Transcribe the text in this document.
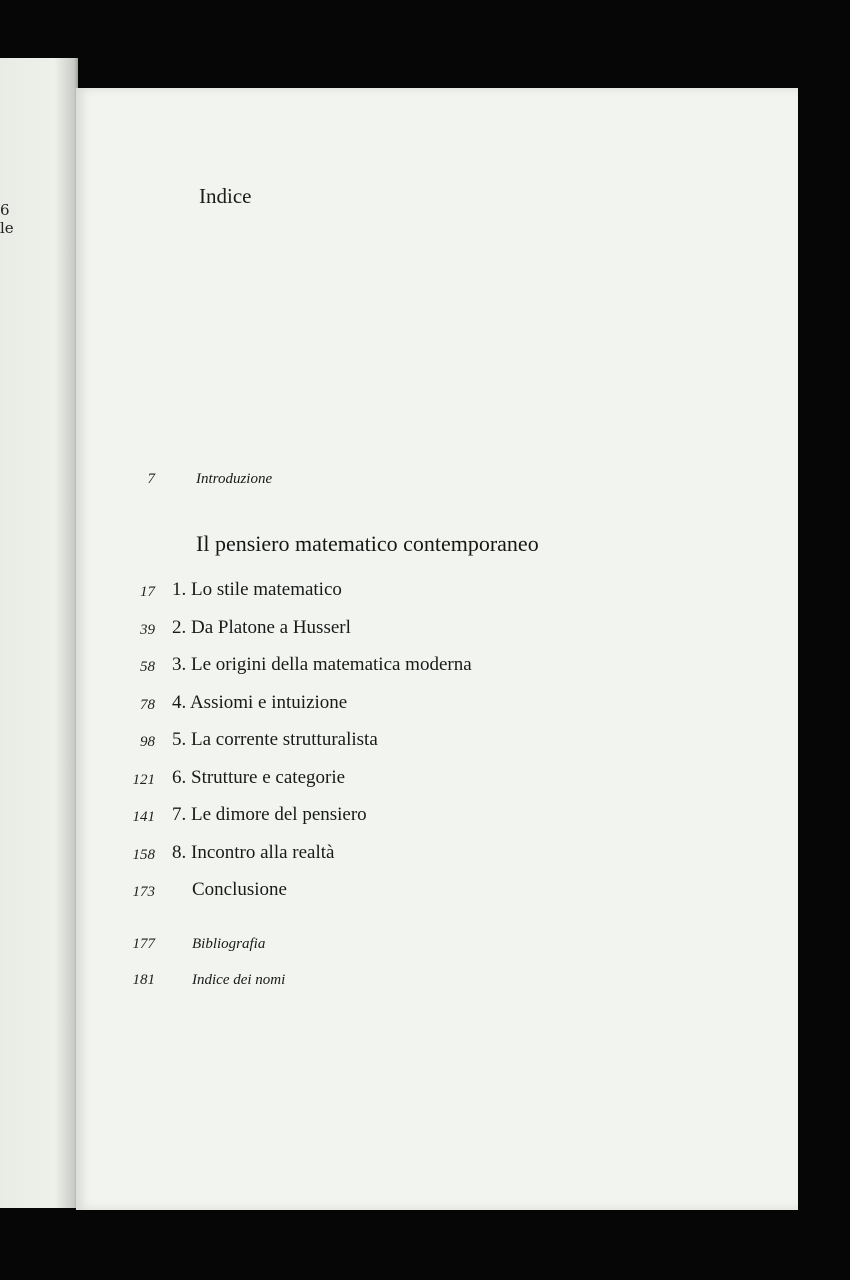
6
le
Indice
7	Introduzione
Il pensiero matematico contemporaneo
17 1. Lo stile matematico
39 2. Da Platone a Husserl
58 3. Le origini della matematica moderna
78 4. Assiomi e intuizione
98 5. La corrente strutturalista
121 6. Strutture e categorie
141 7. Le dimore del pensiero
158 8. Incontro alla realtà
173 Conclusione
177 Bibliografia
181 Indice dei nomi
